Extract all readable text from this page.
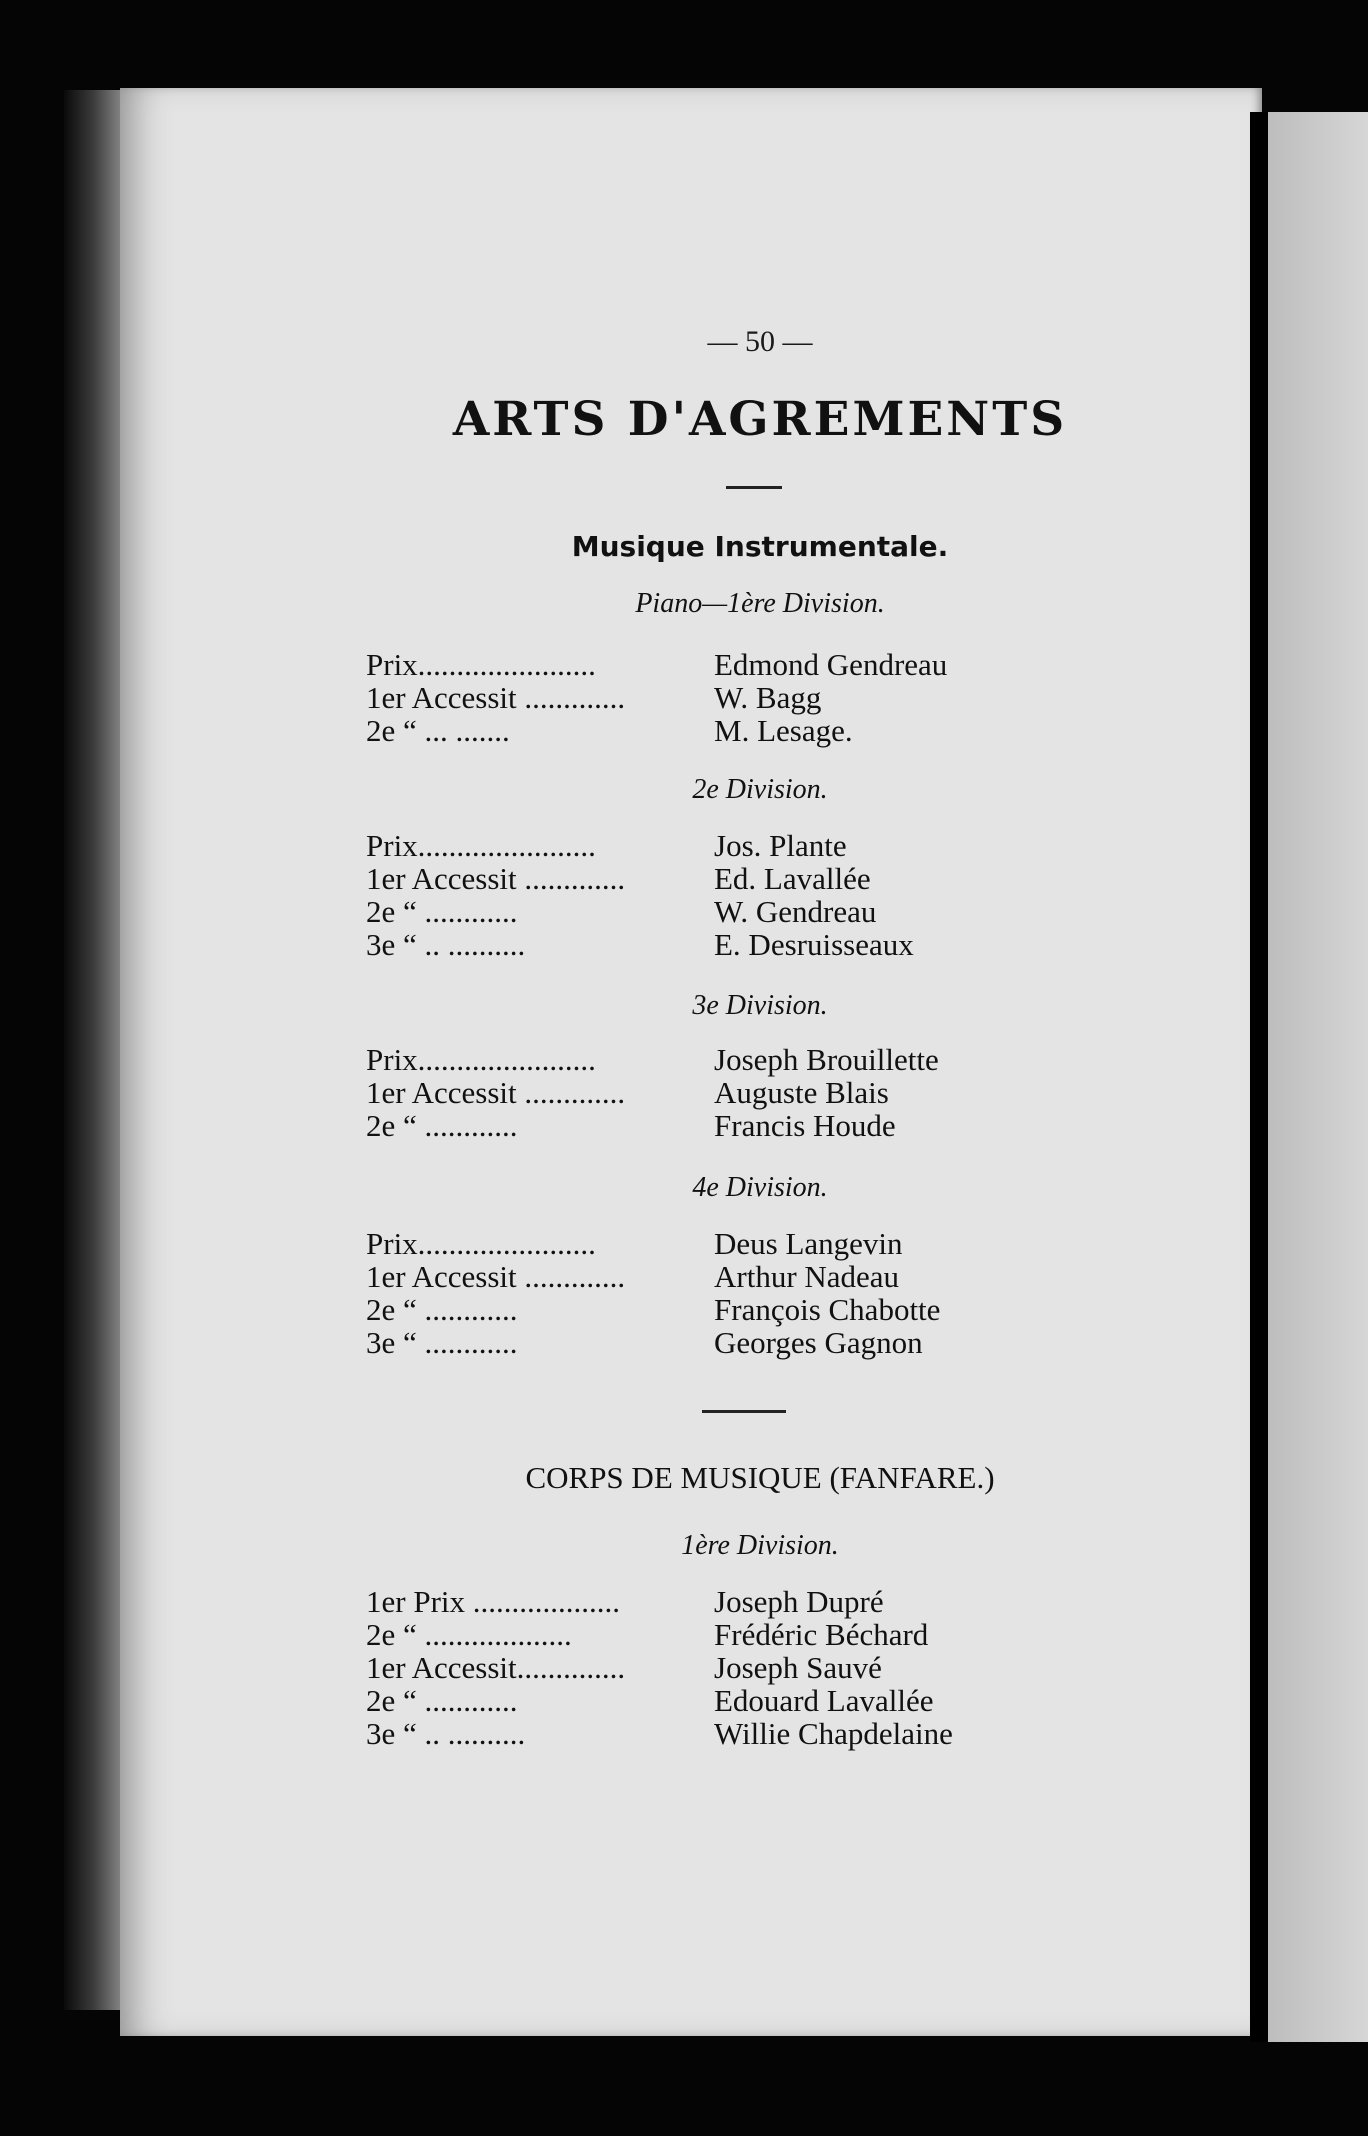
— 50 —
ARTS D'AGREMENTS
Musique Instrumentale.
Piano—1ère Division.
Prix.......................	Edmond Gendreau
1er Accessit .............	W. Bagg
2e “ ... .......	M. Lesage.
2e Division.
Prix.......................	Jos. Plante
1er Accessit .............	Ed. Lavallée
2e “ ............	W. Gendreau
3e “ .. ..........	E. Desruisseaux
3e Division.
Prix.......................	Joseph Brouillette
1er Accessit .............	Auguste Blais
2e “ ............	Francis Houde
4e Division.
Prix.......................	Deus Langevin
1er Accessit .............	Arthur Nadeau
2e “ ............	François Chabotte
3e “ ............	Georges Gagnon
CORPS DE MUSIQUE (FANFARE.)
1ère Division.
1er Prix ...................	Joseph Dupré
2e “ ...................	Frédéric Béchard
1er Accessit..............	Joseph Sauvé
2e “ ............	Edouard Lavallée
3e “ .. ..........	Willie Chapdelaine
